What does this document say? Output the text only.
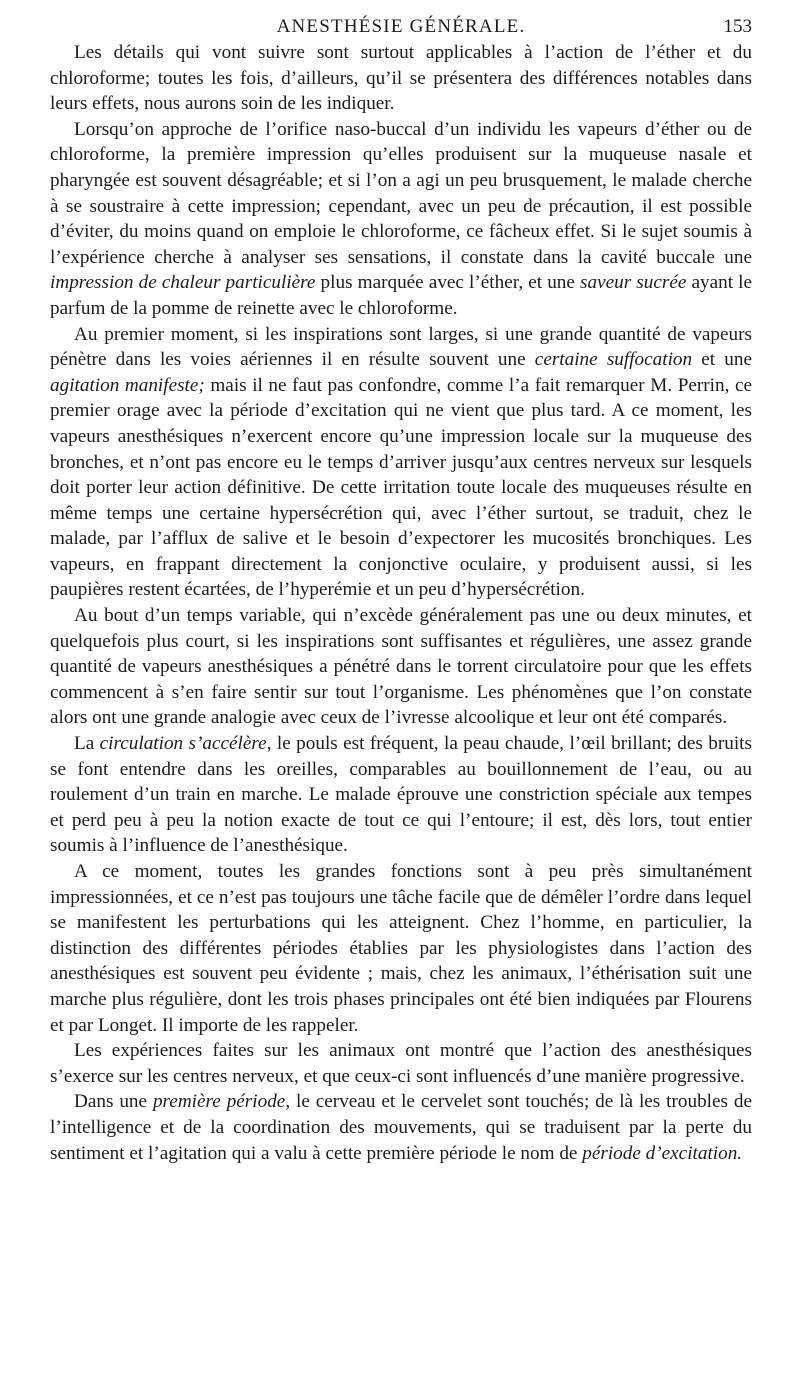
ANESTHÉSIE GÉNÉRALE.	153

Les détails qui vont suivre sont surtout applicables à l’action de l’éther et du chloroforme; toutes les fois, d’ailleurs, qu’il se présentera des différences notables dans leurs effets, nous aurons soin de les indiquer.

Lorsqu’on approche de l’orifice naso-buccal d’un individu les vapeurs d’éther ou de chloroforme, la première impression qu’elles produisent sur la muqueuse nasale et pharyngée est souvent désagréable; et si l’on a agi un peu brusquement, le malade cherche à se soustraire à cette impression; cependant, avec un peu de précaution, il est possible d’éviter, du moins quand on emploie le chloroforme, ce fâcheux effet. Si le sujet soumis à l’expérience cherche à analyser ses sensations, il constate dans la cavité buccale une impression de chaleur particulière plus marquée avec l’éther, et une saveur sucrée ayant le parfum de la pomme de reinette avec le chloroforme.

Au premier moment, si les inspirations sont larges, si une grande quantité de vapeurs pénètre dans les voies aériennes il en résulte souvent une certaine suffocation et une agitation manifeste; mais il ne faut pas confondre, comme l’a fait remarquer M. Perrin, ce premier orage avec la période d’excitation qui ne vient que plus tard. A ce moment, les vapeurs anesthésiques n’exercent encore qu’une impression locale sur la muqueuse des bronches, et n’ont pas encore eu le temps d’arriver jusqu’aux centres nerveux sur lesquels doit porter leur action définitive. De cette irritation toute locale des muqueuses résulte en même temps une certaine hypersécrétion qui, avec l’éther surtout, se traduit, chez le malade, par l’afflux de salive et le besoin d’expectorer les mucosités bronchiques. Les vapeurs, en frappant directement la conjonctive oculaire, y produisent aussi, si les paupières restent écartées, de l’hyperémie et un peu d’hypersécrétion.

Au bout d’un temps variable, qui n’excède généralement pas une ou deux minutes, et quelquefois plus court, si les inspirations sont suffisantes et régulières, une assez grande quantité de vapeurs anesthésiques a pénétré dans le torrent circulatoire pour que les effets commencent à s’en faire sentir sur tout l’organisme. Les phénomènes que l’on constate alors ont une grande analogie avec ceux de l’ivresse alcoolique et leur ont été comparés.

La circulation s’accélère, le pouls est fréquent, la peau chaude, l’œil brillant; des bruits se font entendre dans les oreilles, comparables au bouillonnement de l’eau, ou au roulement d’un train en marche. Le malade éprouve une constriction spéciale aux tempes et perd peu à peu la notion exacte de tout ce qui l’entoure; il est, dès lors, tout entier soumis à l’influence de l’anesthésique.

A ce moment, toutes les grandes fonctions sont à peu près simultanément impressionnées, et ce n’est pas toujours une tâche facile que de démêler l’ordre dans lequel se manifestent les perturbations qui les atteignent. Chez l’homme, en particulier, la distinction des différentes périodes établies par les physiologistes dans l’action des anesthésiques est souvent peu évidente ; mais, chez les animaux, l’éthérisation suit une marche plus régulière, dont les trois phases principales ont été bien indiquées par Flourens et par Longet. Il importe de les rappeler.

Les expériences faites sur les animaux ont montré que l’action des anesthésiques s’exerce sur les centres nerveux, et que ceux-ci sont influencés d’une manière progressive.

Dans une première période, le cerveau et le cervelet sont touchés; de là les troubles de l’intelligence et de la coordination des mouvements, qui se traduisent par la perte du sentiment et l’agitation qui a valu à cette première période le nom de période d’excitation.
